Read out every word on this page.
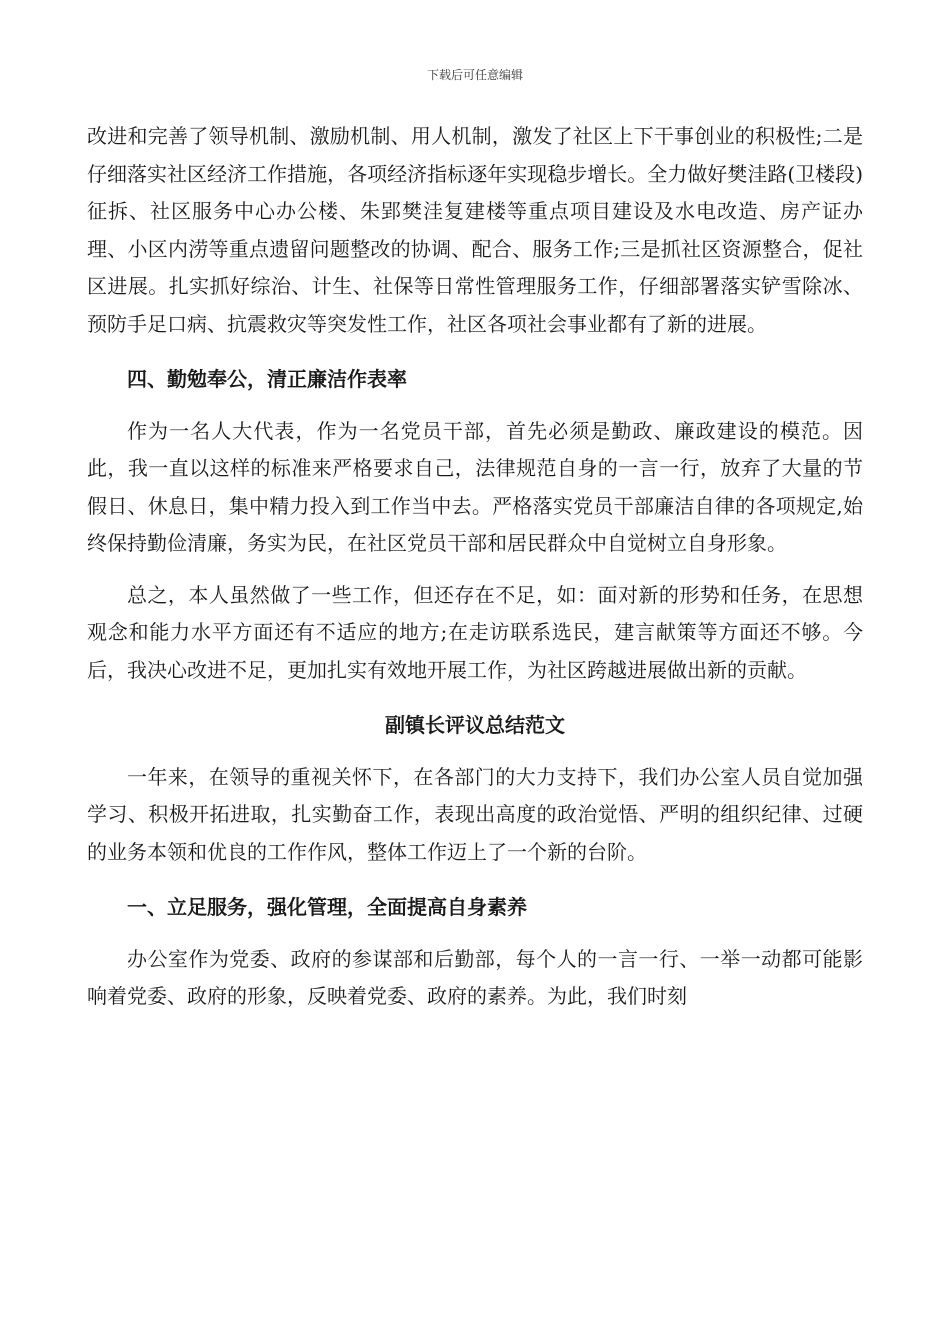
下载后可任意编辑

改进和完善了领导机制、激励机制、用人机制，激发了社区上下干事创业的积极性;二是仔细落实社区经济工作措施，各项经济指标逐年实现稳步增长。全力做好樊洼路(卫楼段)征拆、社区服务中心办公楼、朱郢樊洼复建楼等重点项目建设及水电改造、房产证办理、小区内涝等重点遗留问题整改的协调、配合、服务工作;三是抓社区资源整合，促社区进展。扎实抓好综治、计生、社保等日常性管理服务工作，仔细部署落实铲雪除冰、预防手足口病、抗震救灾等突发性工作，社区各项社会事业都有了新的进展。

四、勤勉奉公，清正廉洁作表率

作为一名人大代表，作为一名党员干部，首先必须是勤政、廉政建设的模范。因此，我一直以这样的标准来严格要求自己，法律规范自身的一言一行，放弃了大量的节假日、休息日，集中精力投入到工作当中去。严格落实党员干部廉洁自律的各项规定,始终保持勤俭清廉，务实为民，在社区党员干部和居民群众中自觉树立自身形象。

总之，本人虽然做了一些工作，但还存在不足，如：面对新的形势和任务，在思想观念和能力水平方面还有不适应的地方;在走访联系选民，建言献策等方面还不够。今后，我决心改进不足，更加扎实有效地开展工作，为社区跨越进展做出新的贡献。

副镇长评议总结范文

一年来，在领导的重视关怀下，在各部门的大力支持下，我们办公室人员自觉加强学习、积极开拓进取，扎实勤奋工作，表现出高度的政治觉悟、严明的组织纪律、过硬的业务本领和优良的工作作风，整体工作迈上了一个新的台阶。

一、立足服务，强化管理，全面提高自身素养

办公室作为党委、政府的参谋部和后勤部，每个人的一言一行、一举一动都可能影响着党委、政府的形象，反映着党委、政府的素养。为此，我们时刻
